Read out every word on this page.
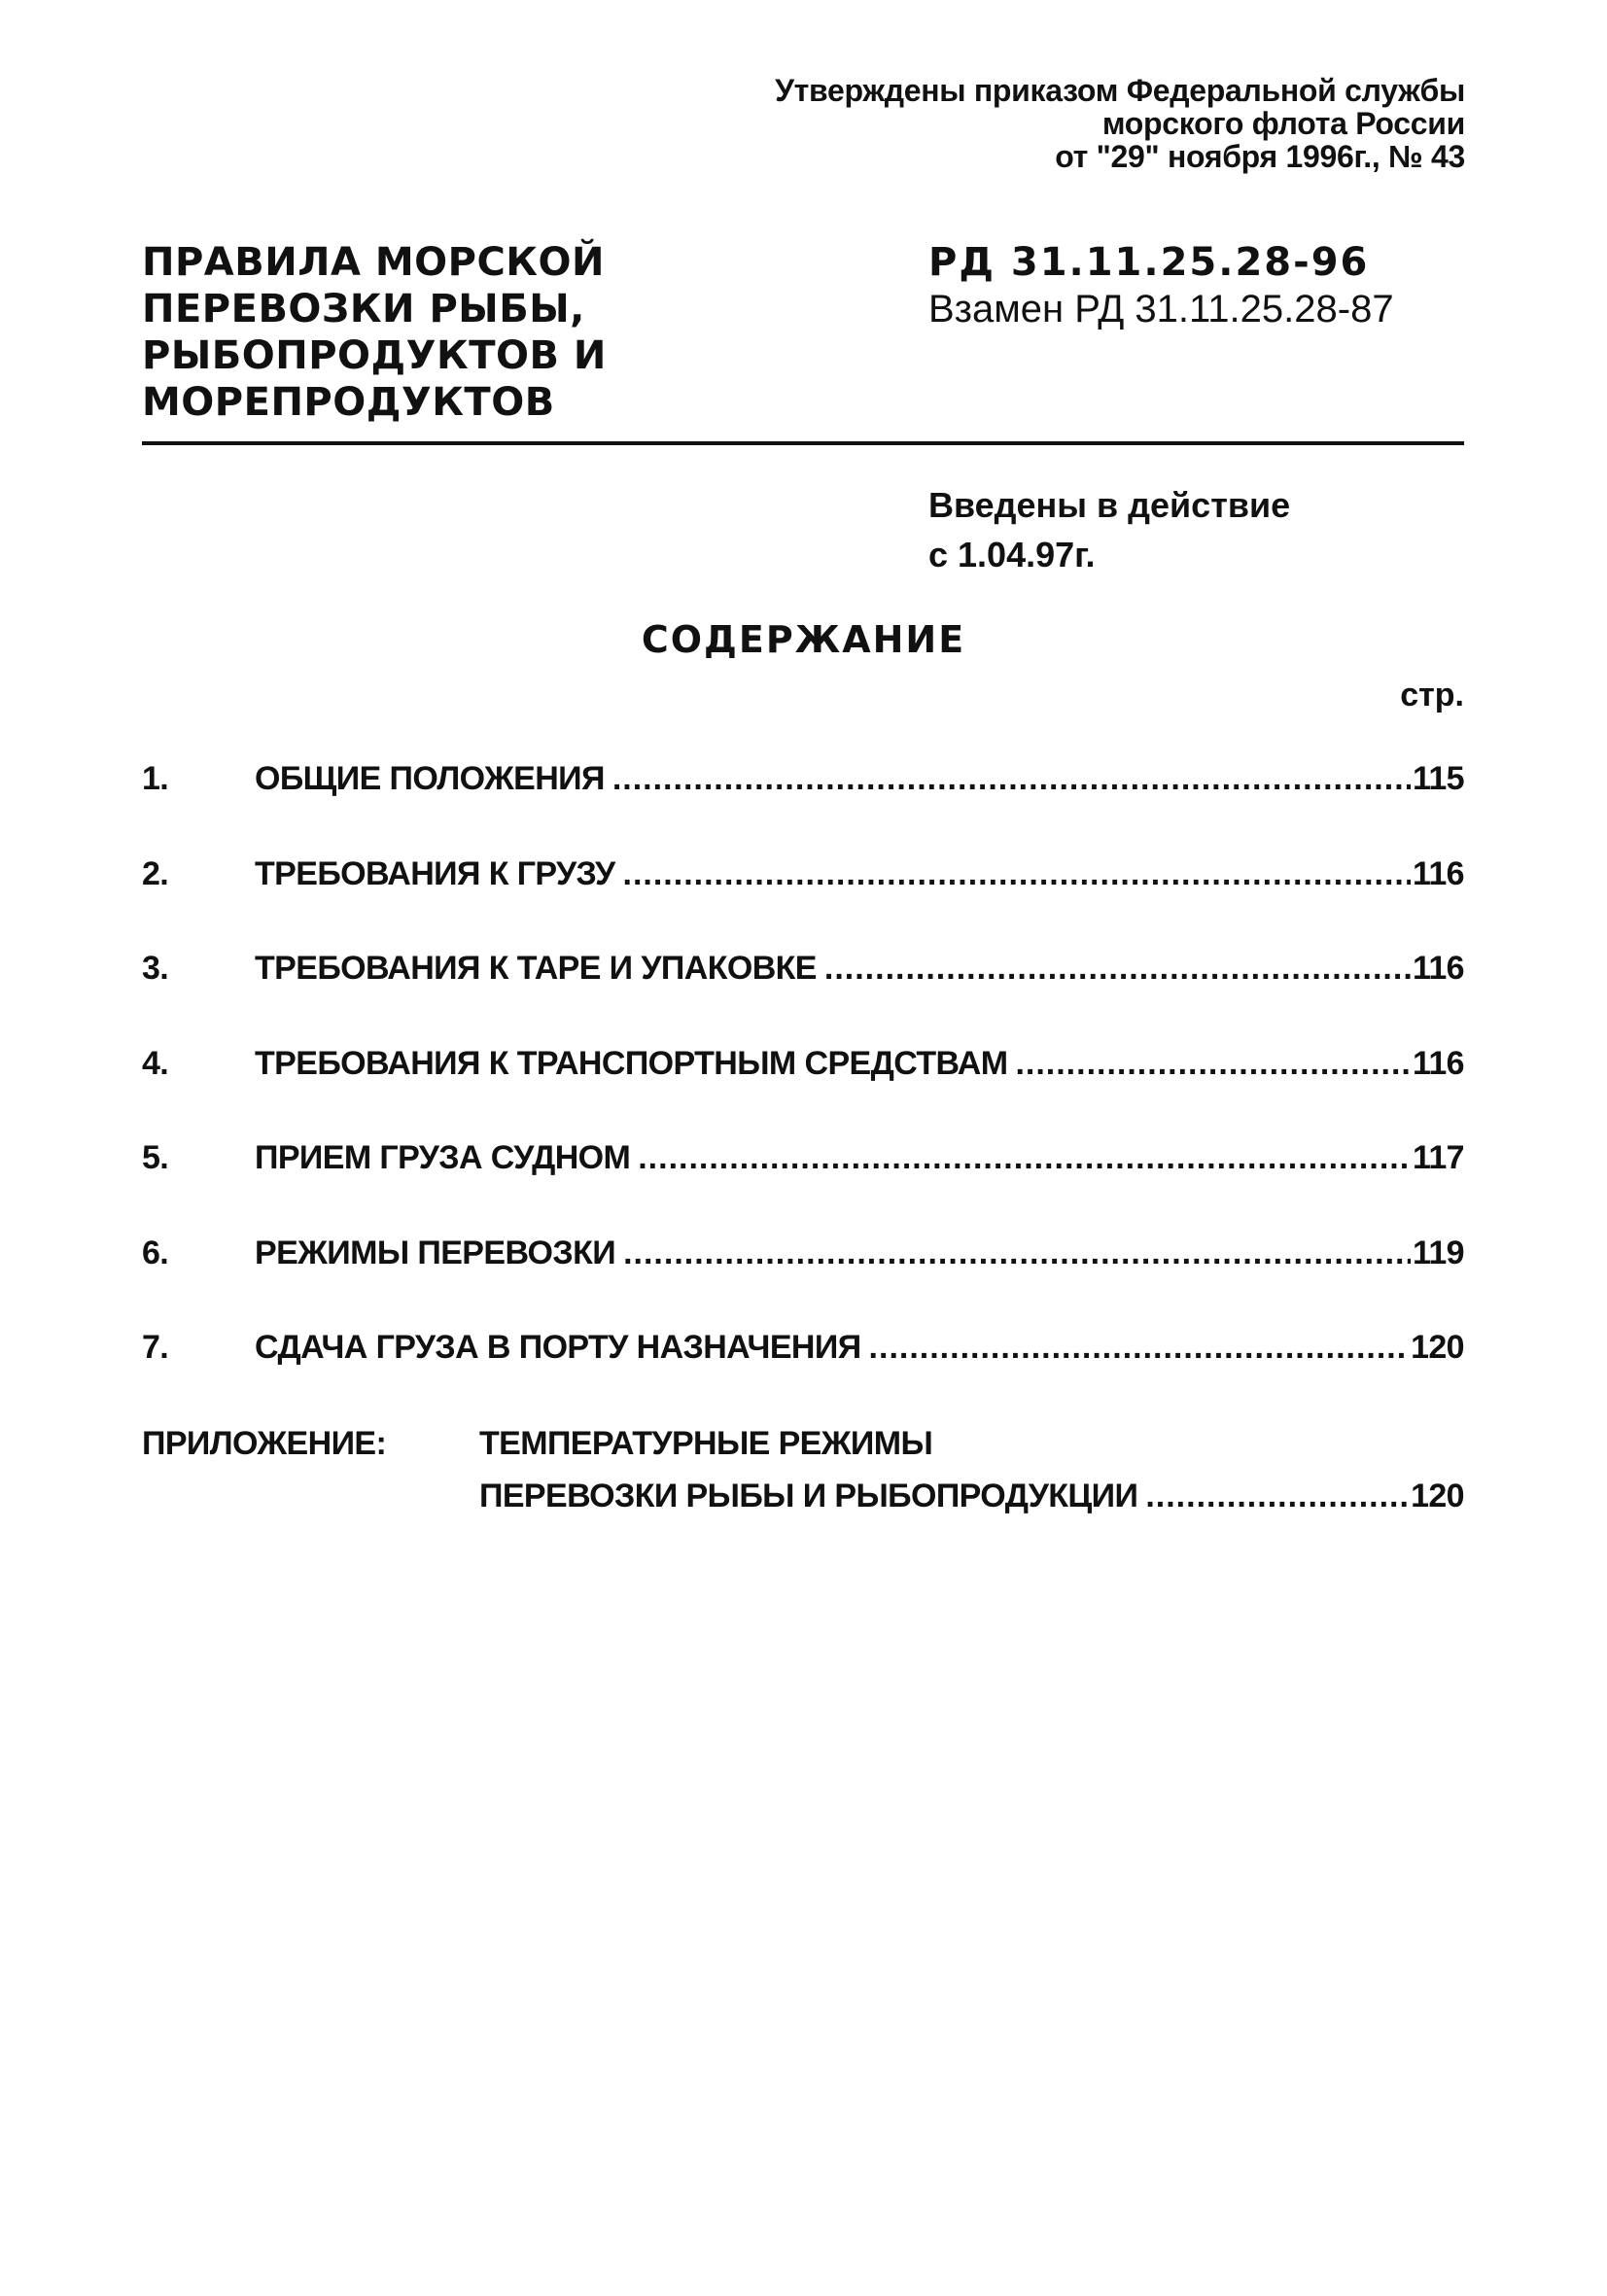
Утверждены приказом Федеральной службы
морского флота России
от "29" ноября 1996г., № 43
ПРАВИЛА МОРСКОЙ
ПЕРЕВОЗКИ РЫБЫ,
РЫБОПРОДУКТОВ И
МОРЕПРОДУКТОВ
РД 31.11.25.28-96
Взамен РД 31.11.25.28-87
Введены в действие
с 1.04.97г.
СОДЕРЖАНИЕ
стр.
1.	ОБЩИЕ ПОЛОЖЕНИЯ .....	115
2.	ТРЕБОВАНИЯ К ГРУЗУ .....	116
3.	ТРЕБОВАНИЯ К ТАРЕ И УПАКОВКЕ .....	116
4.	ТРЕБОВАНИЯ К ТРАНСПОРТНЫМ СРЕДСТВАМ .....	116
5.	ПРИЕМ ГРУЗА СУДНОМ .....	117
6.	РЕЖИМЫ ПЕРЕВОЗКИ .....	119
7.	СДАЧА ГРУЗА В ПОРТУ НАЗНАЧЕНИЯ .....	120
ПРИЛОЖЕНИЕ:	ТЕМПЕРАТУРНЫЕ РЕЖИМЫ
ПЕРЕВОЗКИ РЫБЫ И РЫБОПРОДУКЦИИ .....	120
